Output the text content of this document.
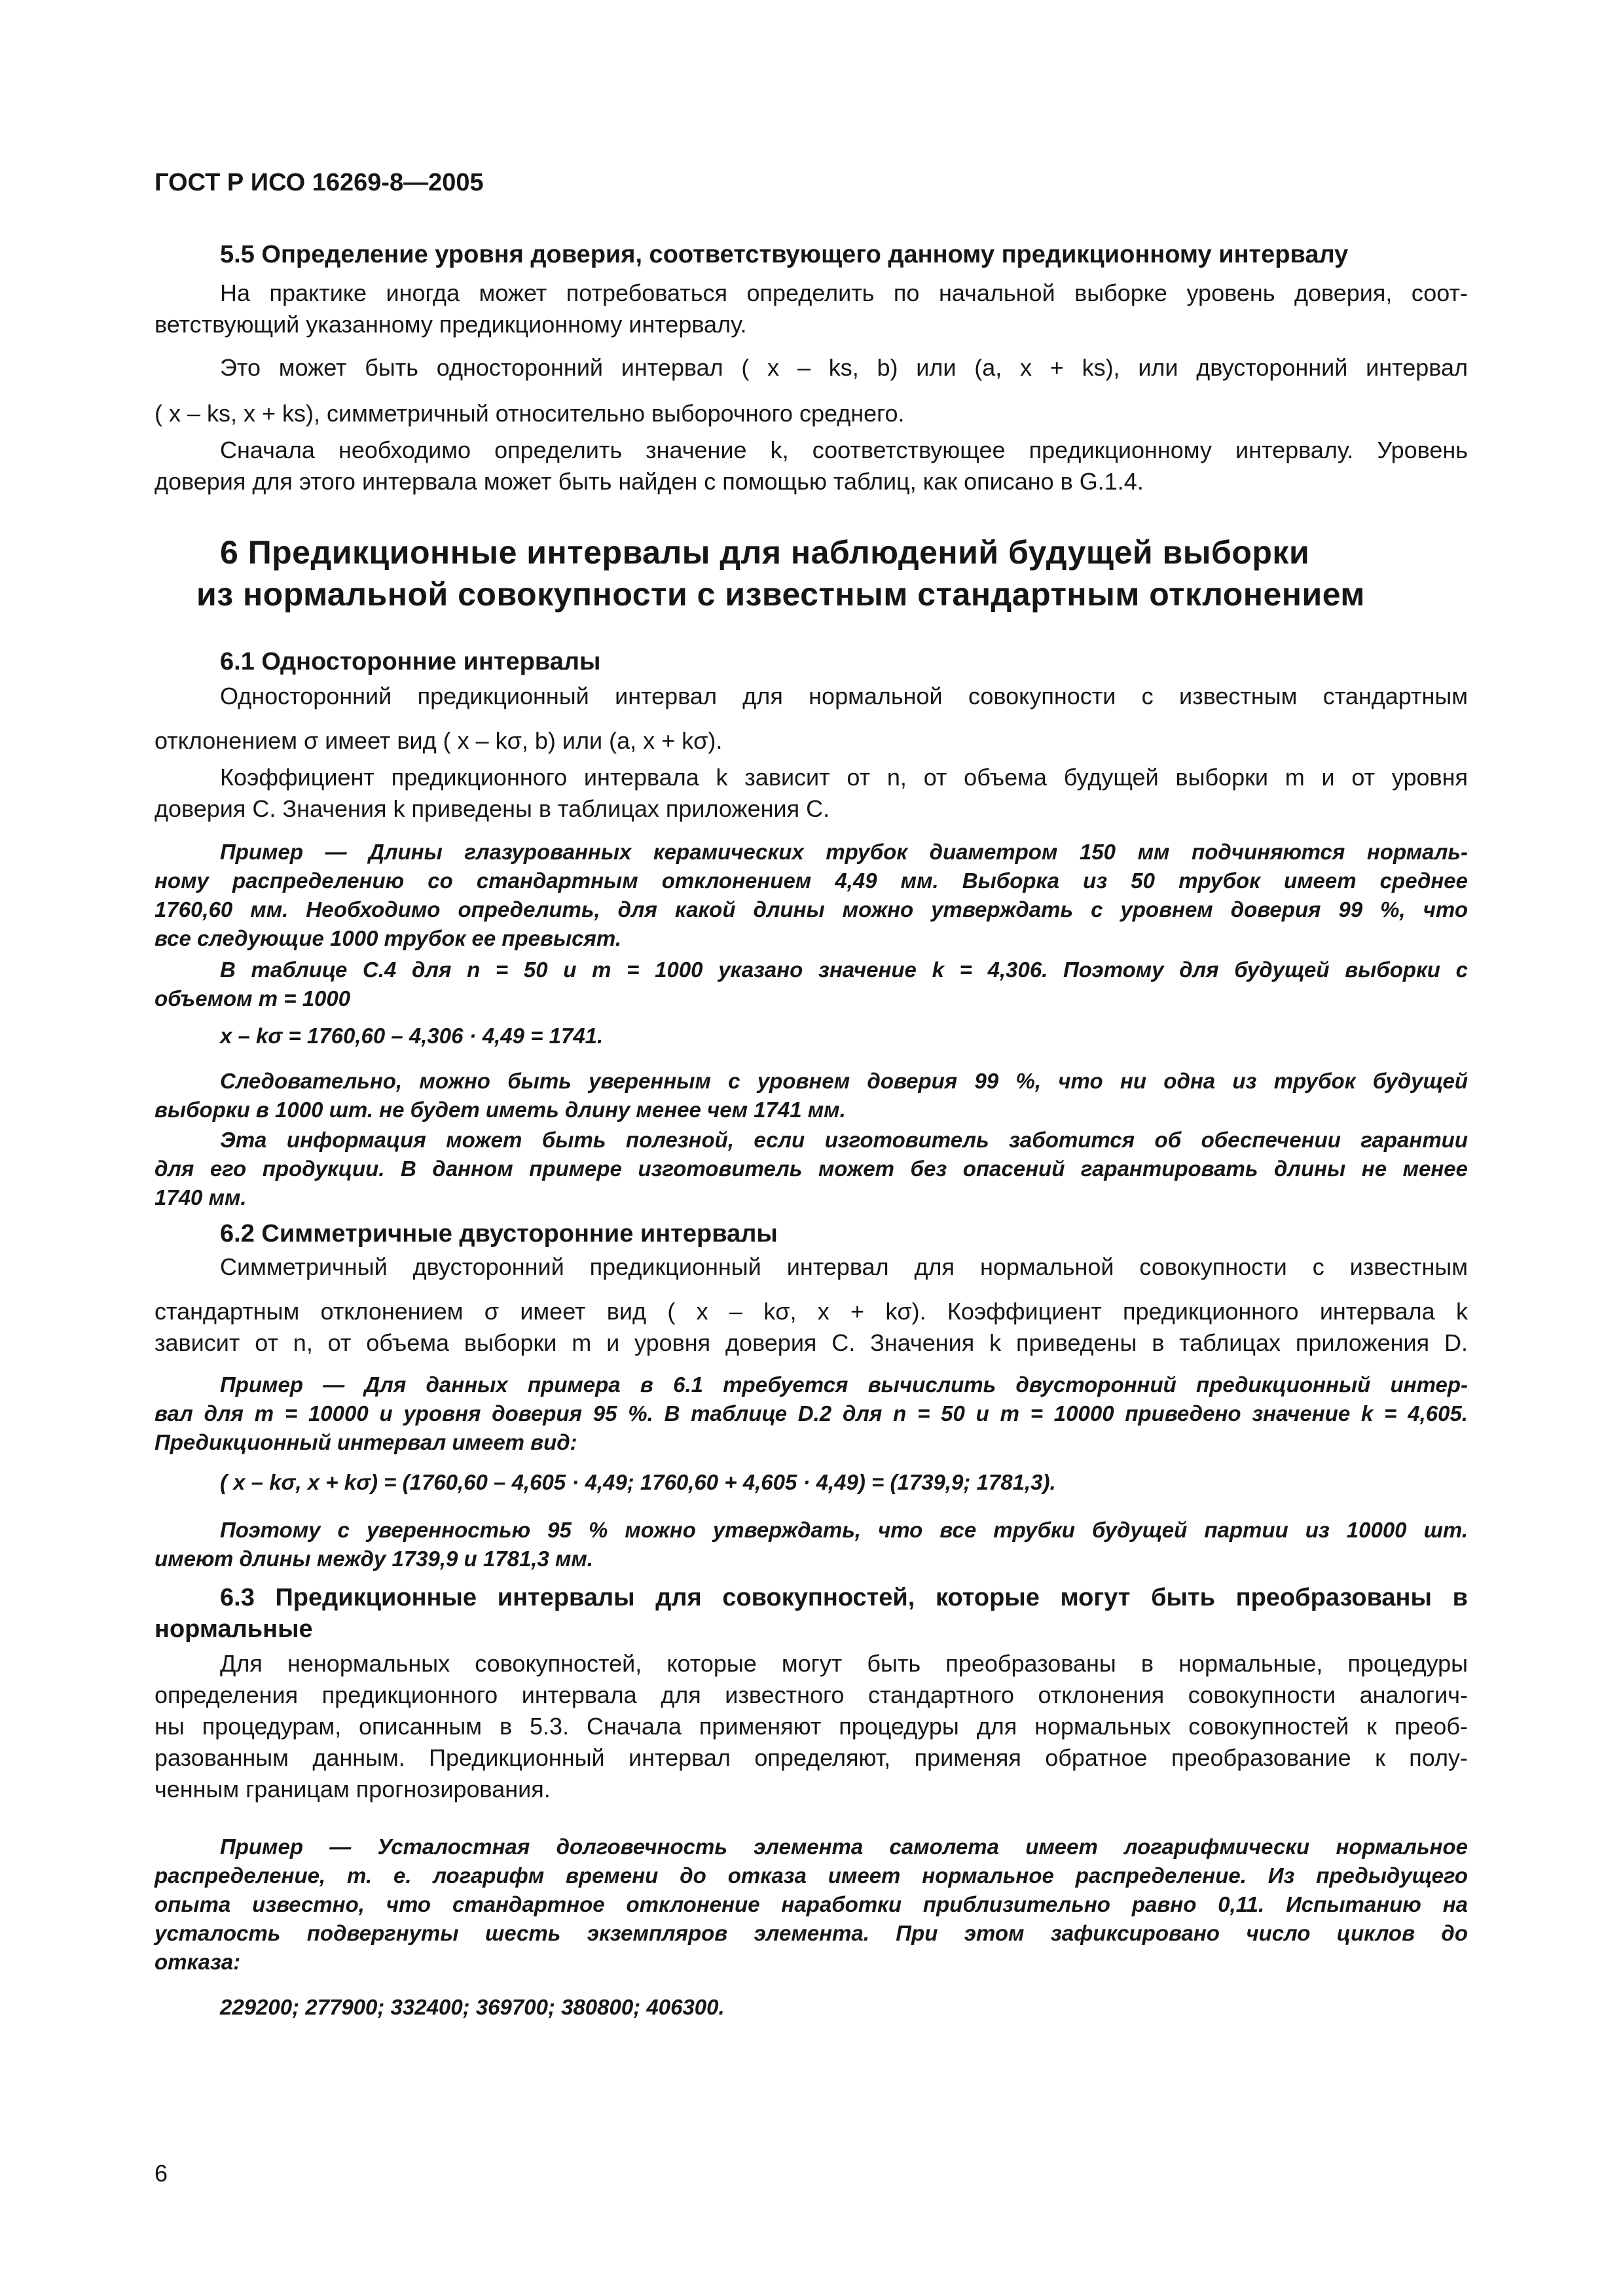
ГОСТ Р ИСО 16269-8—2005
5.5 Определение уровня доверия, соответствующего данному предикционному интервалу
На практике иногда может потребоваться определить по начальной выборке уровень доверия, соот-
ветствующий указанному предикционному интервалу.
Это может быть односторонний интервал ( x – ks, b) или (a, x + ks), или двусторонний интервал
( x – ks, x + ks), симметричный относительно выборочного среднего.
Сначала необходимо определить значение k, соответствующее предикционному интервалу. Уровень
доверия для этого интервала может быть найден с помощью таблиц, как описано в G.1.4.
6 Предикционные интервалы для наблюдений будущей выборки
из нормальной совокупности с известным стандартным отклонением
6.1 Односторонние интервалы
Односторонний предикционный интервал для нормальной совокупности с известным стандартным
отклонением σ имеет вид ( x – kσ, b) или (a, x + kσ).
Коэффициент предикционного интервала k зависит от n, от объема будущей выборки m и от уровня
доверия C. Значения k приведены в таблицах приложения C.
Пример — Длины глазурованных керамических трубок диаметром 150 мм подчиняются нормаль-
ному распределению со стандартным отклонением 4,49 мм. Выборка из 50 трубок имеет среднее
1760,60 мм. Необходимо определить, для какой длины можно утверждать с уровнем доверия 99 %, что
все следующие 1000 трубок ее превысят.
В таблице C.4 для n = 50 и m = 1000 указано значение k = 4,306. Поэтому для будущей выборки с
объемом m = 1000
x – kσ = 1760,60 – 4,306 · 4,49 = 1741.
Следовательно, можно быть уверенным с уровнем доверия 99 %, что ни одна из трубок будущей
выборки в 1000 шт. не будет иметь длину менее чем 1741 мм.
Эта информация может быть полезной, если изготовитель заботится об обеспечении гарантии
для его продукции. В данном примере изготовитель может без опасений гарантировать длины не менее
1740 мм.
6.2 Симметричные двусторонние интервалы
Симметричный двусторонний предикционный интервал для нормальной совокупности с известным
стандартным отклонением σ имеет вид ( x – kσ, x + kσ). Коэффициент предикционного интервала k
зависит от n, от объема выборки m и уровня доверия C. Значения k приведены в таблицах приложения D.
Пример — Для данных примера в 6.1 требуется вычислить двусторонний предикционный интер-
вал для m = 10000 и уровня доверия 95 %. В таблице D.2 для n = 50 и m = 10000 приведено значение k = 4,605.
Предикционный интервал имеет вид:
( x – kσ, x + kσ) = (1760,60 – 4,605 · 4,49; 1760,60 + 4,605 · 4,49) = (1739,9; 1781,3).
Поэтому с уверенностью 95 % можно утверждать, что все трубки будущей партии из 10000 шт.
имеют длины между 1739,9 и 1781,3 мм.
6.3 Предикционные интервалы для совокупностей, которые могут быть преобразованы в
нормальные
Для ненормальных совокупностей, которые могут быть преобразованы в нормальные, процедуры
определения предикционного интервала для известного стандартного отклонения совокупности аналогич-
ны процедурам, описанным в 5.3. Сначала применяют процедуры для нормальных совокупностей к преоб-
разованным данным. Предикционный интервал определяют, применяя обратное преобразование к полу-
ченным границам прогнозирования.
Пример — Усталостная долговечность элемента самолета имеет логарифмически нормальное
распределение, т. е. логарифм времени до отказа имеет нормальное распределение. Из предыдущего
опыта известно, что стандартное отклонение наработки приблизительно равно 0,11. Испытанию на
усталость подвергнуты шесть экземпляров элемента. При этом зафиксировано число циклов до
отказа:
229200; 277900; 332400; 369700; 380800; 406300.
6
